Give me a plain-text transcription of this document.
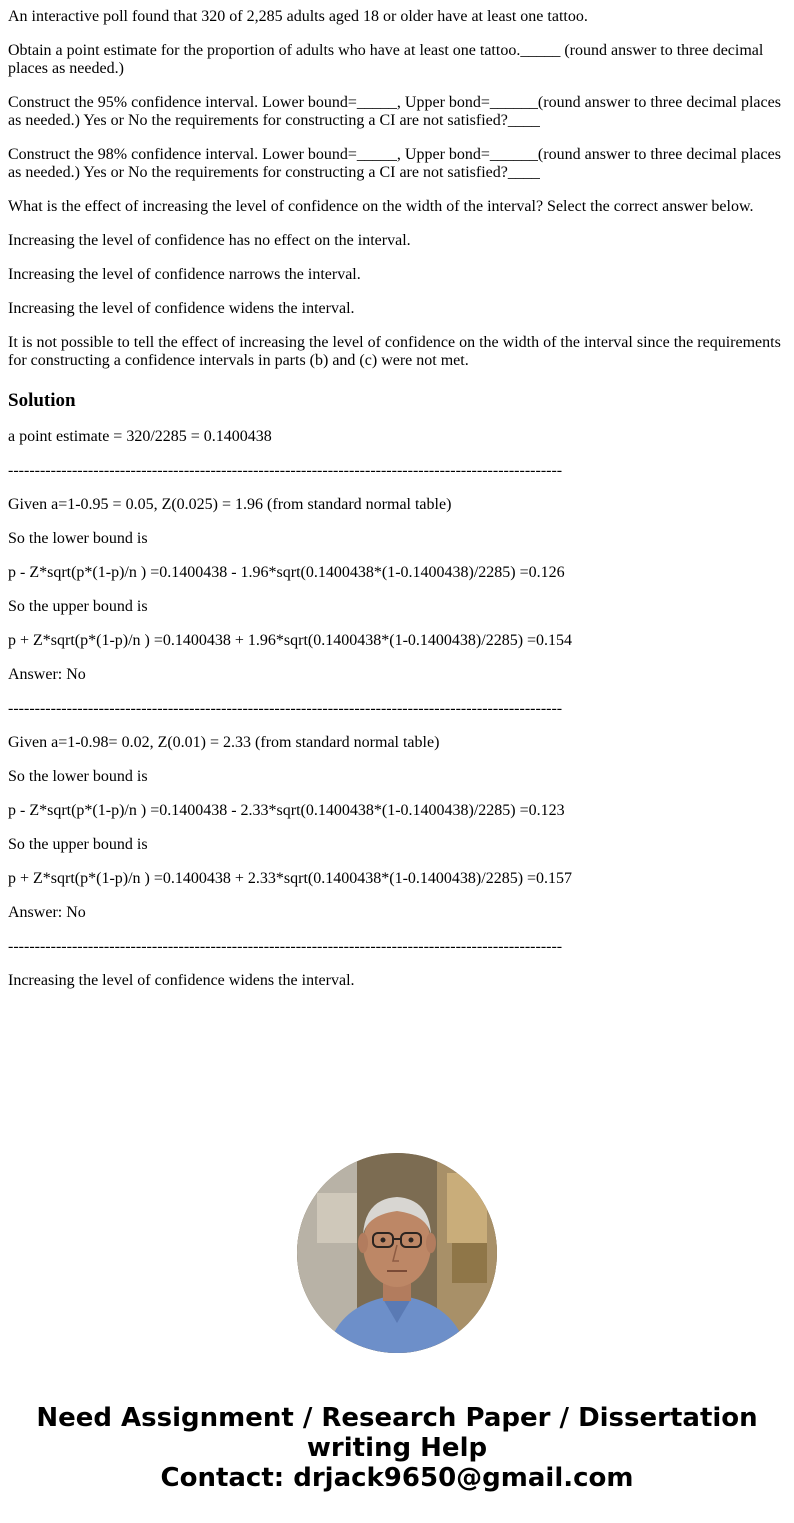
An interactive poll found that 320 of 2,285 adults aged 18 or older have at least one tattoo.

Obtain a point estimate for the proportion of adults who have at least one tattoo._____ (round answer to three decimal places as needed.)

Construct the 95% confidence interval. Lower bound=_____, Upper bond=______(round answer to three decimal places as needed.) Yes or No the requirements for constructing a CI are not satisfied?____

Construct the 98% confidence interval. Lower bound=_____, Upper bond=______(round answer to three decimal places as needed.) Yes or No the requirements for constructing a CI are not satisfied?____

What is the effect of increasing the level of confidence on the width of the interval? Select the correct answer below.

Increasing the level of confidence has no effect on the interval.

Increasing the level of confidence narrows the interval.

Increasing the level of confidence widens the interval.

It is not possible to tell the effect of increasing the level of confidence on the width of the interval since the requirements for constructing a confidence intervals in parts (b) and (c) were not met.

Solution

a point estimate = 320/2285 = 0.1400438

--------------------------------------------------------------------------------------------------------

Given a=1-0.95 = 0.05, Z(0.025) = 1.96 (from standard normal table)

So the lower bound is

p - Z*sqrt(p*(1-p)/n ) =0.1400438 - 1.96*sqrt(0.1400438*(1-0.1400438)/2285) =0.126

So the upper bound is

p + Z*sqrt(p*(1-p)/n ) =0.1400438 + 1.96*sqrt(0.1400438*(1-0.1400438)/2285) =0.154

Answer: No

--------------------------------------------------------------------------------------------------------

Given a=1-0.98= 0.02, Z(0.01) = 2.33 (from standard normal table)

So the lower bound is

p - Z*sqrt(p*(1-p)/n ) =0.1400438 - 2.33*sqrt(0.1400438*(1-0.1400438)/2285) =0.123

So the upper bound is

p + Z*sqrt(p*(1-p)/n ) =0.1400438 + 2.33*sqrt(0.1400438*(1-0.1400438)/2285) =0.157

Answer: No

--------------------------------------------------------------------------------------------------------

Increasing the level of confidence widens the interval.

Need Assignment / Research Paper / Dissertation
writing Help
Contact: drjack9650@gmail.com
